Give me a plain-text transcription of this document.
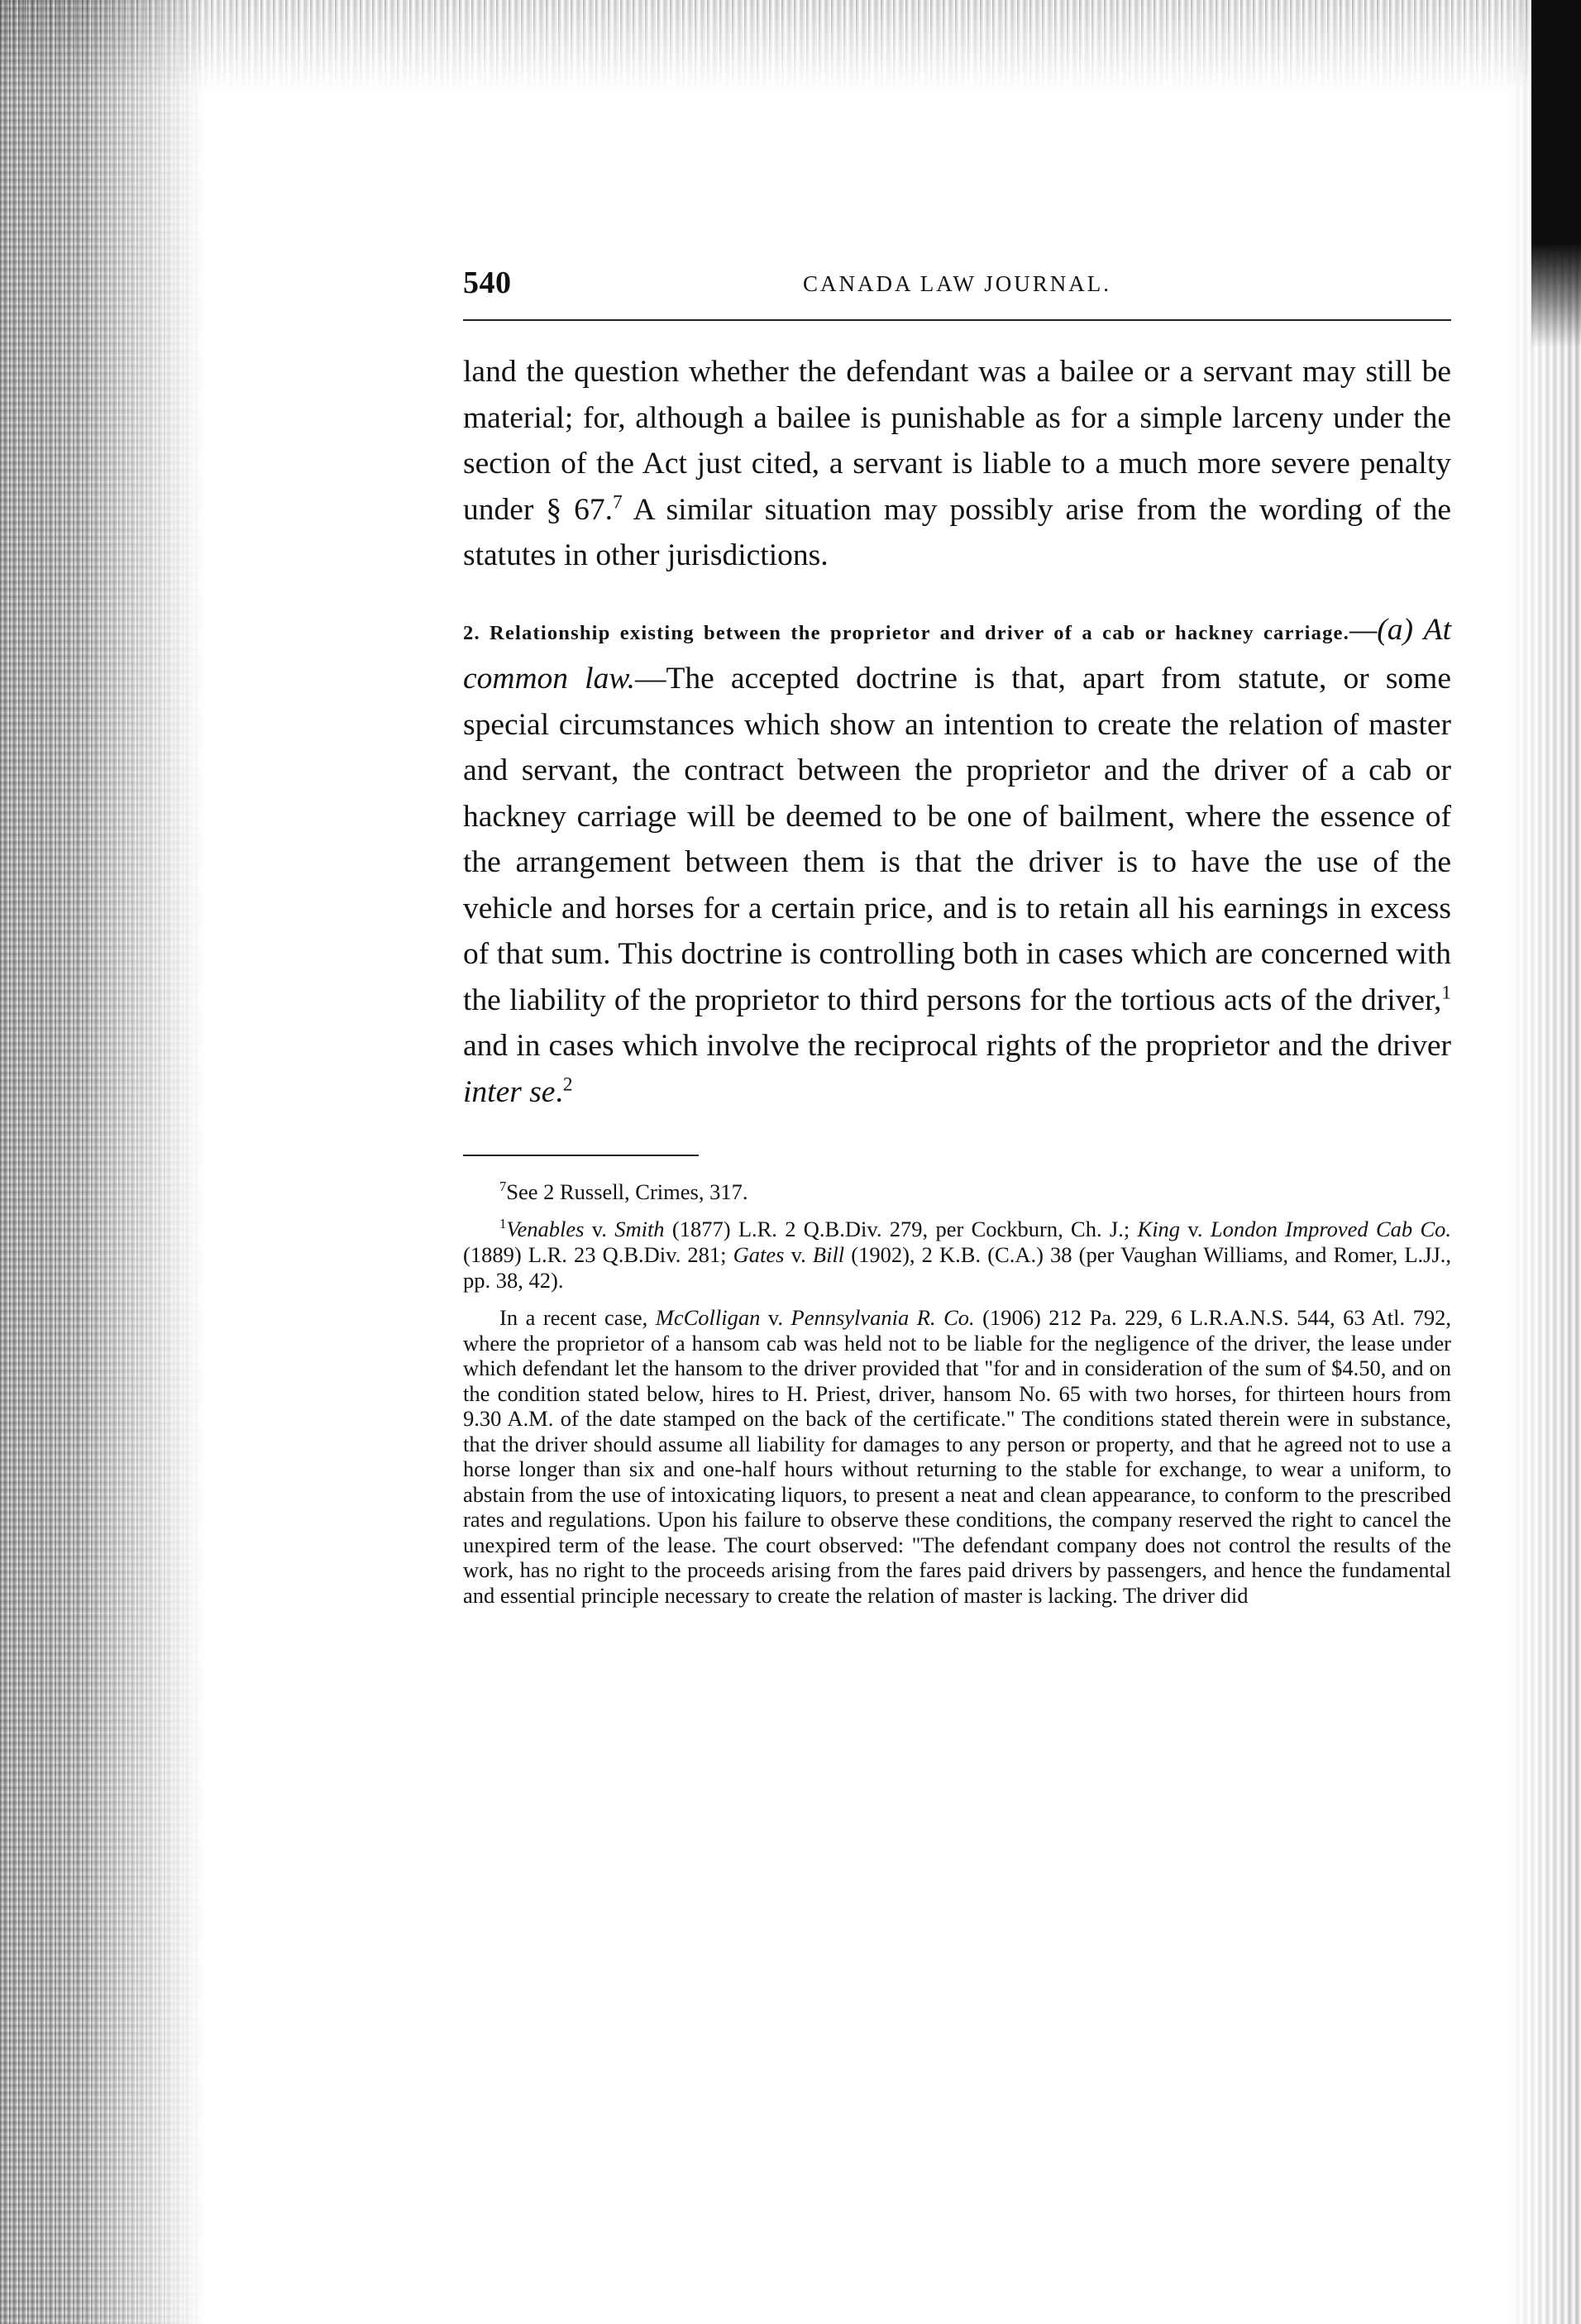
540	CANADA LAW JOURNAL.

land the question whether the defendant was a bailee or a servant may still be material; for, although a bailee is punishable as for a simple larceny under the section of the Act just cited, a servant is liable to a much more severe penalty under § 67.$^7$ A similar situation may possibly arise from the wording of the statutes in other jurisdictions.

2. Relationship existing between the proprietor and driver of a cab or hackney carriage.—(a) At common law.—The accepted doctrine is that, apart from statute, or some special circumstances which show an intention to create the relation of master and servant, the contract between the proprietor and the driver of a cab or hackney carriage will be deemed to be one of bailment, where the essence of the arrangement between them is that the driver is to have the use of the vehicle and horses for a certain price, and is to retain all his earnings in excess of that sum. This doctrine is controlling both in cases which are concerned with the liability of the proprietor to third persons for the tortious acts of the driver,$^1$ and in cases which involve the reciprocal rights of the proprietor and the driver inter se.$^2$

$^7$See 2 Russell, Crimes, 317.

$^1$Venables v. Smith (1877) L.R. 2 Q.B.Div. 279, per Cockburn, Ch. J.; King v. London Improved Cab Co. (1889) L.R. 23 Q.B.Div. 281; Gates v. Bill (1902), 2 K.B. (C.A.) 38 (per Vaughan Williams, and Romer, L.JJ., pp. 38, 42).

In a recent case, McColligan v. Pennsylvania R. Co. (1906) 212 Pa. 229, 6 L.R.A.N.S. 544, 63 Atl. 792, where the proprietor of a hansom cab was held not to be liable for the negligence of the driver, the lease under which defendant let the hansom to the driver provided that "for and in consideration of the sum of $4.50, and on the condition stated below, hires to H. Priest, driver, hansom No. 65 with two horses, for thirteen hours from 9.30 A.M. of the date stamped on the back of the certificate." The conditions stated therein were in substance, that the driver should assume all liability for damages to any person or property, and that he agreed not to use a horse longer than six and one-half hours without returning to the stable for exchange, to wear a uniform, to abstain from the use of intoxicating liquors, to present a neat and clean appearance, to conform to the prescribed rates and regulations. Upon his failure to observe these conditions, the company reserved the right to cancel the unexpired term of the lease. The court observed: "The defendant company does not control the results of the work, has no right to the proceeds arising from the fares paid drivers by passengers, and hence the fundamental and essential principle necessary to create the relation of master is lacking. The driver did
